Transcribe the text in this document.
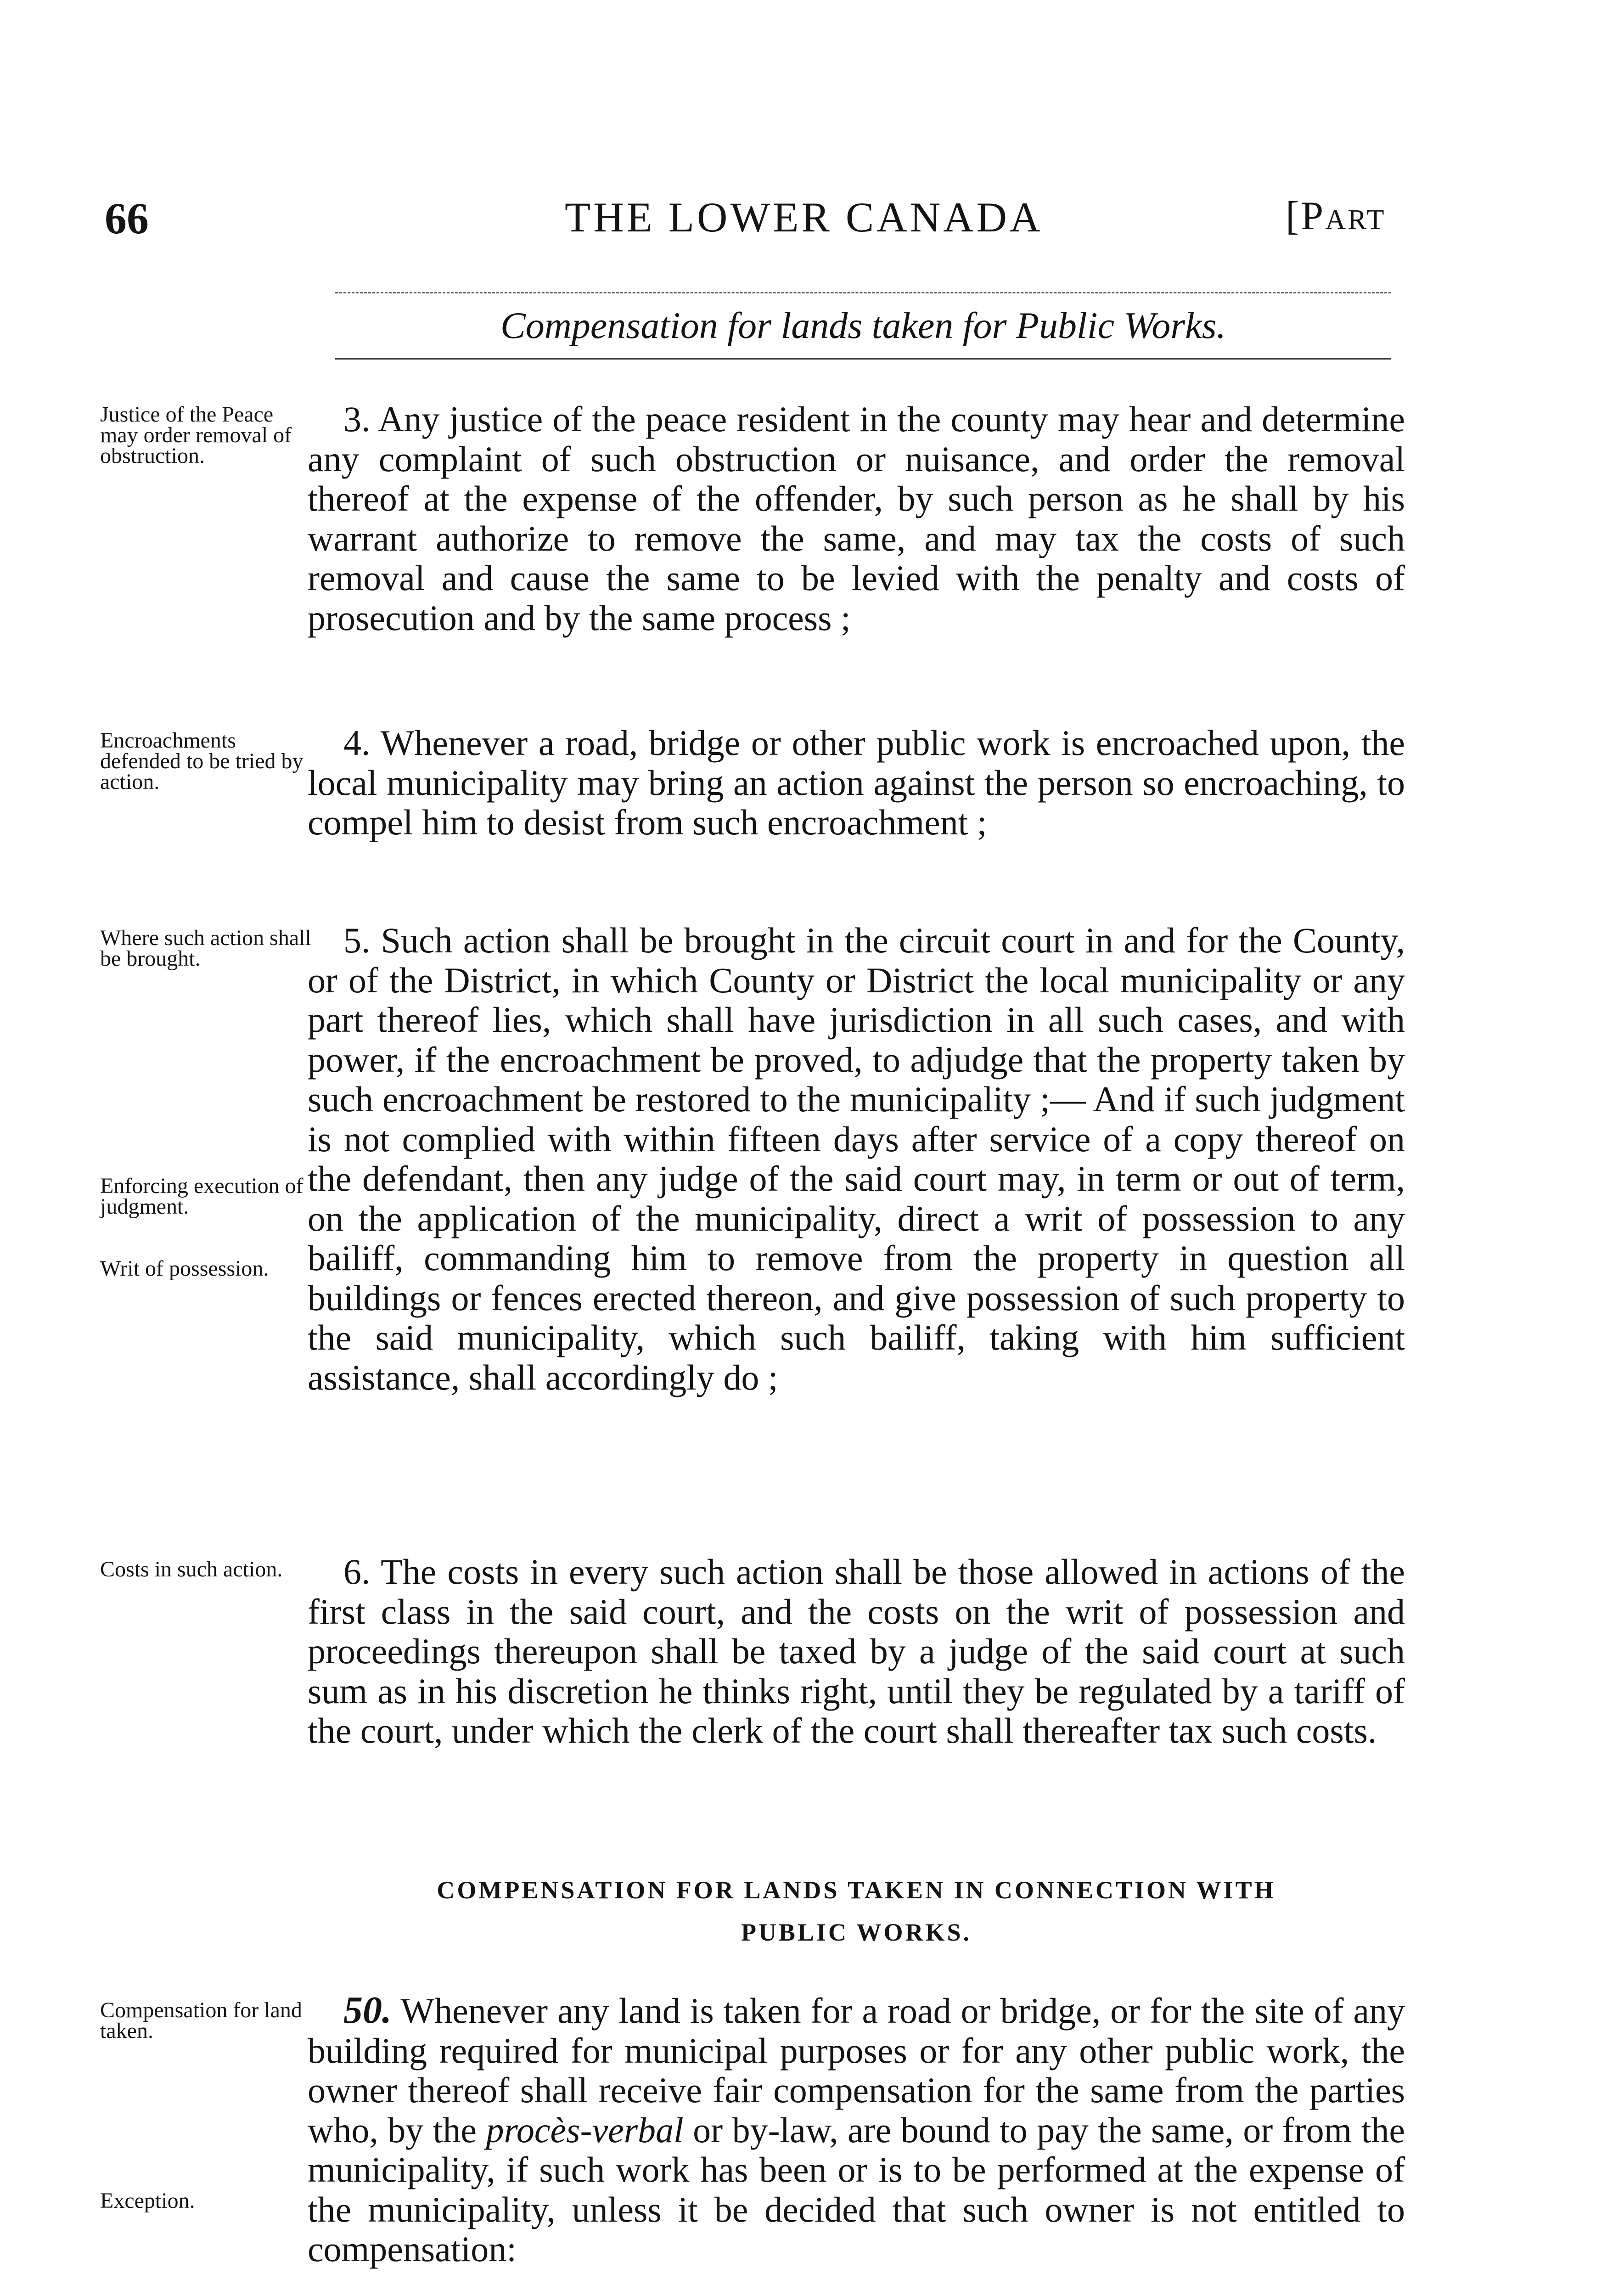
66	THE LOWER CANADA	[Part
Compensation for lands taken for Public Works.
Justice of the Peace may order removal of obstruction.

 3. Any justice of the peace resident in the county may hear and determine any complaint of such obstruction or nuisance, and order the removal thereof at the expense of the offender, by such person as he shall by his warrant authorize to remove the same, and may tax the costs of such removal and cause the same to be levied with the penalty and costs of prosecution and by the same process ;

Encroachments defended to be tried by action.

 4. Whenever a road, bridge or other public work is encroached upon, the local municipality may bring an action against the person so encroaching, to compel him to desist from such encroachment ;

Where such action shall be brought.
Enforcing execution of judgment.
Writ of possession.

 5. Such action shall be brought in the circuit court in and for the County, or of the District, in which County or District the local municipality or any part thereof lies, which shall have jurisdiction in all such cases, and with power, if the encroachment be proved, to adjudge that the property taken by such encroachment be restored to the municipality ;— And if such judgment is not complied with within fifteen days after service of a copy thereof on the defendant, then any judge of the said court may, in term or out of term, on the application of the municipality, direct a writ of possession to any bailiff, commanding him to remove from the property in question all buildings or fences erected thereon, and give possession of such property to the said municipality, which such bailiff, taking with him sufficient assistance, shall accordingly do ;

Costs in such action.

 	6. The costs in every such action shall be those allowed in actions of the first class in the said court, and the costs on the writ of possession and proceedings thereupon shall be taxed by a judge of the said court at such sum as in his discretion he thinks right, until they be regulated by a tariff of the court, under which the clerk of the court shall thereafter tax such costs.

COMPENSATION FOR LANDS TAKEN IN CONNECTION WITH
PUBLIC WORKS.
Compensation for land taken.
Exception.

 50. Whenever any land is taken for a road or bridge, or for the site of any building required for municipal purposes or for any other public work, the owner thereof shall receive fair compensation for the same from the parties who, by the procès-verbal or by-law, are bound to pay the same, or from the municipality, if such work has been or is to be performed at the expense of the municipality, unless it be decided that such owner is not entitled to compensation:
